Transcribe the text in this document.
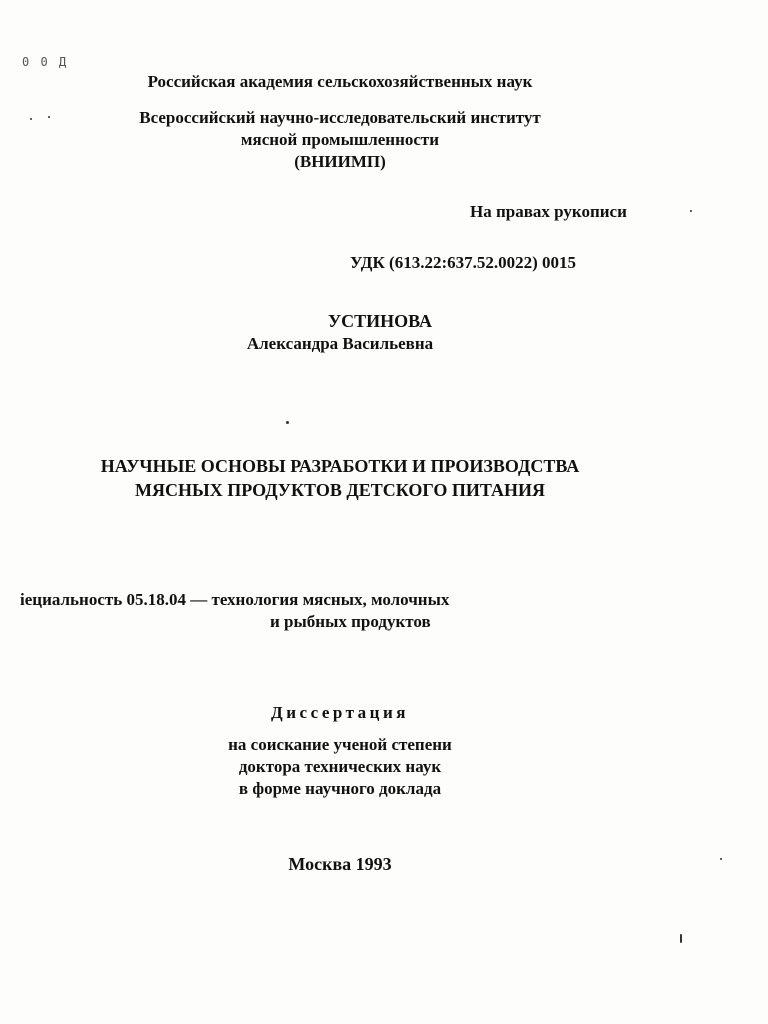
0 0 Д
Российская академия сельскохозяйственных наук
Всероссийский научно-исследовательский институт
мясной промышленности
(ВНИИМП)
На правах рукописи
УДК (613.22:637.52.0022) 0015
УСТИНОВА
Александра Васильевна
НАУЧНЫЕ ОСНОВЫ РАЗРАБОТКИ И ПРОИЗВОДСТВА
МЯСНЫХ ПРОДУКТОВ ДЕТСКОГО ПИТАНИЯ
іециальность 05.18.04 — технология мясных, молочных
и рыбных продуктов
Диссертация
на соискание ученой степени
доктора технических наук
в форме научного доклада
Москва 1993
